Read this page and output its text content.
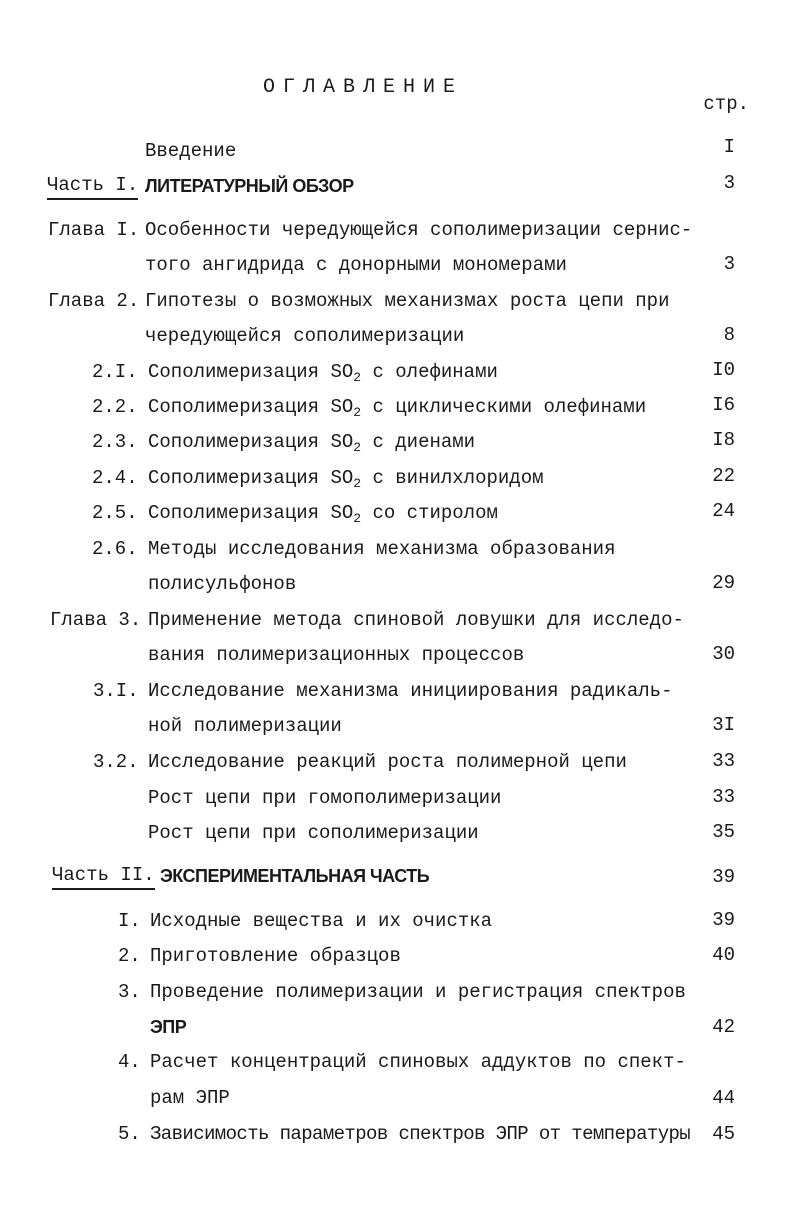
ОГЛАВЛЕНИЕ
стр.
Введение	I
Часть I. ЛИТЕРАТУРНЫЙ ОБЗОР	3
Глава I. Особенности чередующейся сополимеризации сернис-
того ангидрида с донорными мономерами	3
Глава 2. Гипотезы о возможных механизмах роста цепи при
чередующейся сополимеризации	8
2.I. Сополимеризация $SO_2$ с олефинами	I0
2.2. Сополимеризация $SO_2$ с циклическими олефинами	I6
2.3. Сополимеризация $SO_2$ с диенами	I8
2.4. Сополимеризация $SO_2$ с винилхлоридом	22
2.5. Сополимеризация $SO_2$ со стиролом	24
2.6. Методы исследования механизма образования
полисульфонов	29
Глава 3. Применение метода спиновой ловушки для исследо-
вания полимеризационных процессов	30
3.I. Исследование механизма инициирования радикаль-
ной полимеризации	3I
3.2. Исследование реакций роста полимерной цепи	33
Рост цепи при гомополимеризации	33
Рост цепи при сополимеризации	35
Часть II. ЭКСПЕРИМЕНТАЛЬНАЯ ЧАСТЬ	39
I. Исходные вещества и их очистка	39
2. Приготовление образцов	40
3. Проведение полимеризации и регистрация спектров
ЭПР	42
4. Расчет концентраций спиновых аддуктов по спект-
рам ЭПР	44
5. Зависимость параметров спектров ЭПР от температуры 45
